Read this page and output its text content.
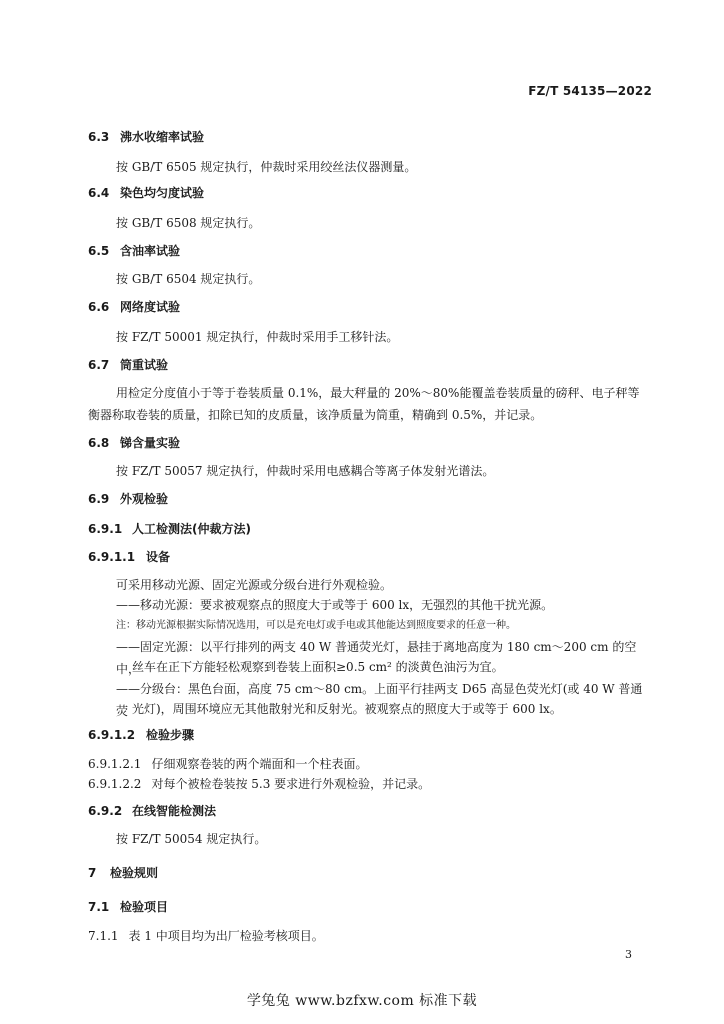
FZ/T 54135—2022
6.3 沸水收缩率试验
按 GB/T 6505 规定执行，仲裁时采用绞丝法仪器测量。
6.4 染色均匀度试验
按 GB/T 6508 规定执行。
6.5 含油率试验
按 GB/T 6504 规定执行。
6.6 网络度试验
按 FZ/T 50001 规定执行，仲裁时采用手工移针法。
6.7 筒重试验
用检定分度值小于等于卷装质量 0.1%，最大秤量的 20%～80%能覆盖卷装质量的磅秤、电子秤等
衡器称取卷装的质量，扣除已知的皮质量，该净质量为筒重，精确到 0.5%，并记录。
6.8 锑含量实验
按 FZ/T 50057 规定执行，仲裁时采用电感耦合等离子体发射光谱法。
6.9 外观检验
6.9.1 人工检测法(仲裁方法)
6.9.1.1 设备
可采用移动光源、固定光源或分级台进行外观检验。
——移动光源：要求被观察点的照度大于或等于 600 lx，无强烈的其他干扰光源。
注：移动光源根据实际情况选用，可以是充电灯或手电或其他能达到照度要求的任意一种。
——固定光源：以平行排列的两支 40 W 普通荧光灯，悬挂于离地高度为 180 cm～200 cm 的空中，
丝车在正下方能轻松观察到卷装上面积≥0.5 cm² 的淡黄色油污为宜。
——分级台：黑色台面，高度 75 cm～80 cm。上面平行挂两支 D65 高显色荧光灯(或 40 W 普通荧 光灯)，周围环境应无其他散射光和反射光。被观察点的照度大于或等于 600 lx。
6.9.1.2 检验步骤
6.9.1.2.1 仔细观察卷装的两个端面和一个柱表面。
6.9.1.2.2 对每个被检卷装按 5.3 要求进行外观检验，并记录。
6.9.2 在线智能检测法
按 FZ/T 50054 规定执行。
7 检验规则
7.1 检验项目
7.1.1 表 1 中项目均为出厂检验考核项目。
3
学兔兔 www.bzfxw.com 标准下载
